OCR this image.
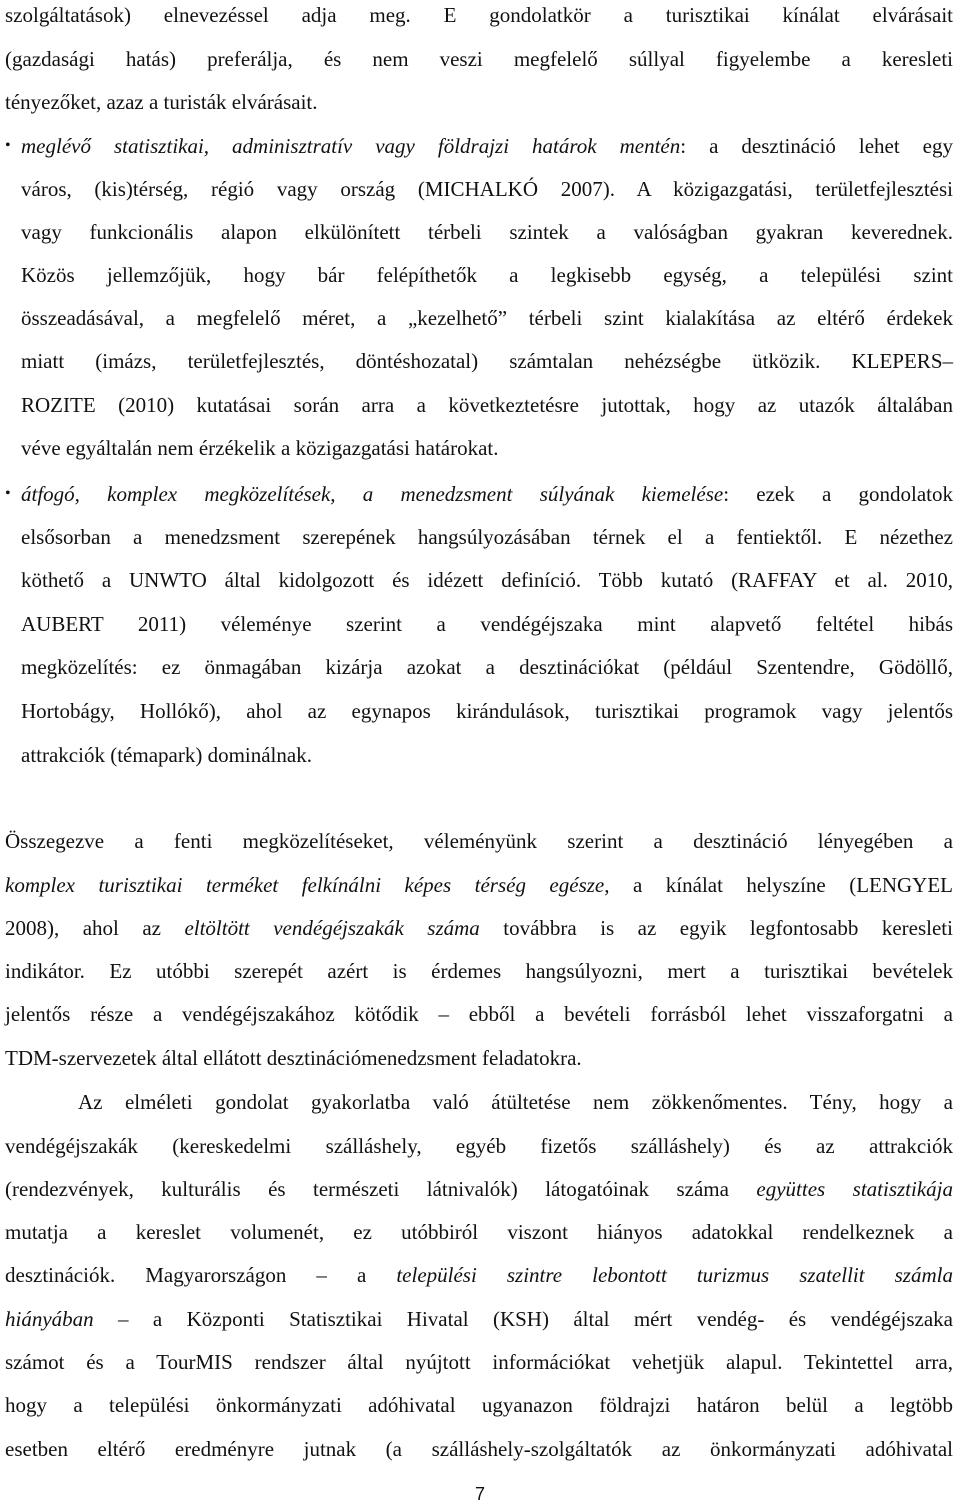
szolgáltatások) elnevezéssel adja meg. E gondolatkör a turisztikai kínálat elvárásait
(gazdasági hatás) preferálja, és nem veszi megfelelő súllyal figyelembe a keresleti
tényezőket, azaz a turisták elvárásait.
• meglévő statisztikai, adminisztratív vagy földrajzi határok mentén: a desztináció lehet egy
város, (kis)térség, régió vagy ország (MICHALKÓ 2007). A közigazgatási, területfejlesztési
vagy funkcionális alapon elkülönített térbeli szintek a valóságban gyakran keverednek.
Közös jellemzőjük, hogy bár felépíthetők a legkisebb egység, a települési szint
összeadásával, a megfelelő méret, a „kezelhető” térbeli szint kialakítása az eltérő érdekek
miatt (imázs, területfejlesztés, döntéshozatal) számtalan nehézségbe ütközik. KLEPERS–
ROZITE (2010) kutatásai során arra a következtetésre jutottak, hogy az utazók általában
véve egyáltalán nem érzékelik a közigazgatási határokat.
• átfogó, komplex megközelítések, a menedzsment súlyának kiemelése: ezek a gondolatok
elsősorban a menedzsment szerepének hangsúlyozásában térnek el a fentiektől. E nézethez
köthető a UNWTO által kidolgozott és idézett definíció. Több kutató (RAFFAY et al. 2010,
AUBERT 2011) véleménye szerint a vendégéjszaka mint alapvető feltétel hibás
megközelítés: ez önmagában kizárja azokat a desztinációkat (például Szentendre, Gödöllő,
Hortobágy, Hollókő), ahol az egynapos kirándulások, turisztikai programok vagy jelentős
attrakciók (témapark) dominálnak.
Összegezve a fenti megközelítéseket, véleményünk szerint a desztináció lényegében a
komplex turisztikai terméket felkínálni képes térség egésze, a kínálat helyszíne (LENGYEL
2008), ahol az eltöltött vendégéjszakák száma továbbra is az egyik legfontosabb keresleti
indikátor. Ez utóbbi szerepét azért is érdemes hangsúlyozni, mert a turisztikai bevételek
jelentős része a vendégéjszakához kötődik – ebből a bevételi forrásból lehet visszaforgatni a
TDM-szervezetek által ellátott desztinációmenedzsment feladatokra.
Az elméleti gondolat gyakorlatba való átültetése nem zökkenőmentes. Tény, hogy a
vendégéjszakák (kereskedelmi szálláshely, egyéb fizetős szálláshely) és az attrakciók
(rendezvények, kulturális és természeti látnivalók) látogatóinak száma együttes statisztikája
mutatja a kereslet volumenét, ez utóbbiról viszont hiányos adatokkal rendelkeznek a
desztinációk. Magyarországon – a települési szintre lebontott turizmus szatellit számla
hiányában – a Központi Statisztikai Hivatal (KSH) által mért vendég- és vendégéjszaka
számot és a TourMIS rendszer által nyújtott információkat vehetjük alapul. Tekintettel arra,
hogy a települési önkormányzati adóhivatal ugyanazon földrajzi határon belül a legtöbb
esetben eltérő eredményre jutnak (a szálláshely-szolgáltatók az önkormányzati adóhivatal
7
